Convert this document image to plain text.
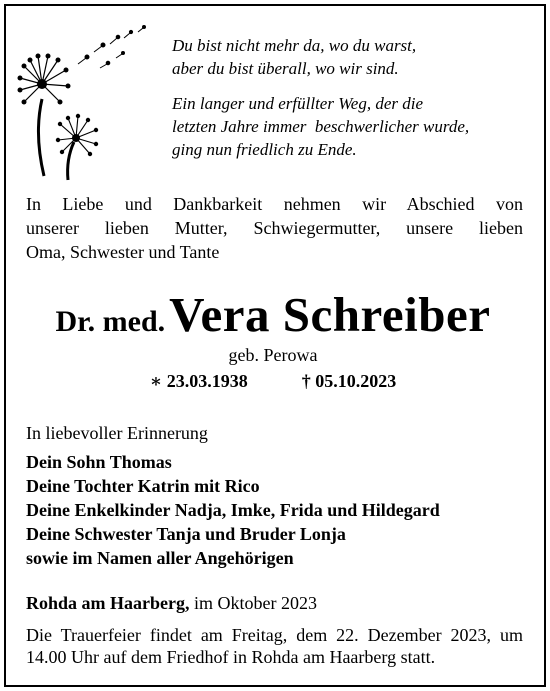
Du bist nicht mehr da, wo du warst,
aber du bist überall, wo wir sind.
Ein langer und erfüllter Weg, der die
letzten Jahre immer  beschwerlicher wurde,
ging nun friedlich zu Ende.
In Liebe und Dankbarkeit nehmen wir Abschied von
unserer lieben Mutter, Schwiegermutter, unsere lieben
Oma, Schwester und Tante
Dr. med. Vera Schreiber
geb. Perowa
∗ 23.03.1938	† 05.10.2023
In liebevoller Erinnerung
Dein Sohn Thomas
Deine Tochter Katrin mit Rico
Deine Enkelkinder Nadja, Imke, Frida und Hildegard
Deine Schwester Tanja und Bruder Lonja
sowie im Namen aller Angehörigen
Rohda am Haarberg, im Oktober 2023
Die Trauerfeier findet am Freitag, dem 22. Dezember 2023, um
14.00 Uhr auf dem Friedhof in Rohda am Haarberg statt.
